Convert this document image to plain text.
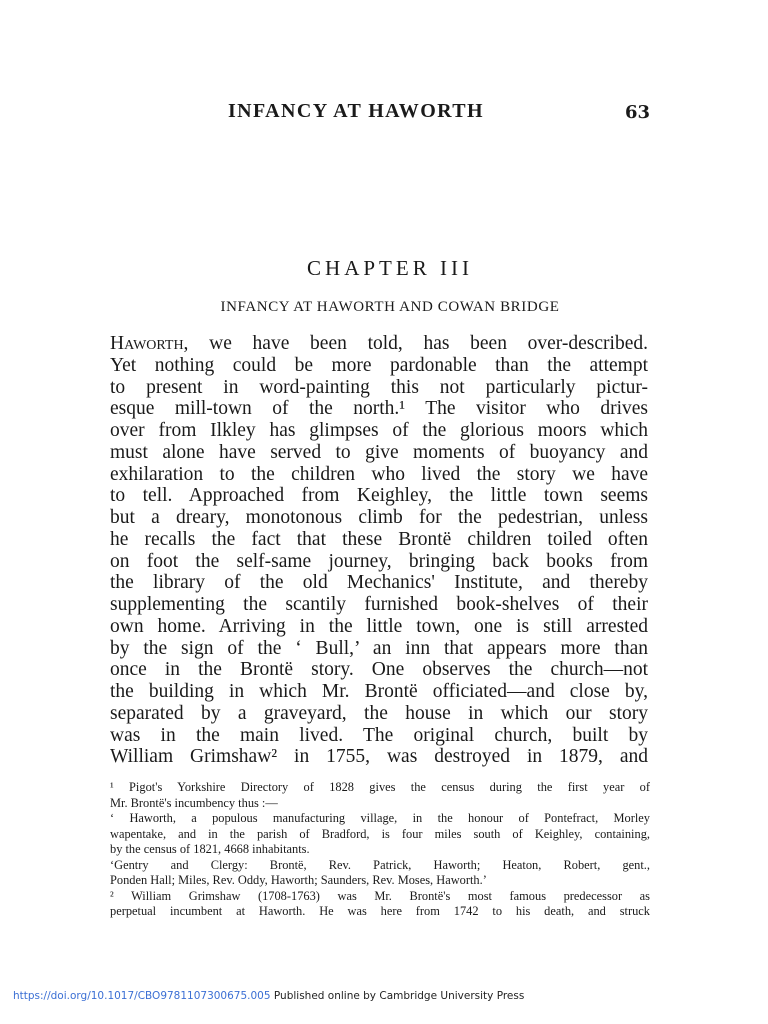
INFANCY AT HAWORTH	63
CHAPTER III
INFANCY AT HAWORTH AND COWAN BRIDGE
Haworth, we have been told, has been over-described.
Yet nothing could be more pardonable than the attempt
to present in word-painting this not particularly pictur-
esque mill-town of the north.¹ The visitor who drives
over from Ilkley has glimpses of the glorious moors which
must alone have served to give moments of buoyancy and
exhilaration to the children who lived the story we have
to tell. Approached from Keighley, the little town seems
but a dreary, monotonous climb for the pedestrian, unless
he recalls the fact that these Brontë children toiled often
on foot the self-same journey, bringing back books from
the library of the old Mechanics' Institute, and thereby
supplementing the scantily furnished book-shelves of their
own home. Arriving in the little town, one is still arrested
by the sign of the ‘ Bull,’ an inn that appears more than
once in the Brontë story. One observes the church—not
the building in which Mr. Brontë officiated—and close by,
separated by a graveyard, the house in which our story
was in the main lived. The original church, built by
William Grimshaw² in 1755, was destroyed in 1879, and
¹ Pigot's Yorkshire Directory of 1828 gives the census during the first year of
Mr. Brontë's incumbency thus :—
‘ Haworth, a populous manufacturing village, in the honour of Pontefract, Morley
wapentake, and in the parish of Bradford, is four miles south of Keighley, containing,
by the census of 1821, 4668 inhabitants.
‘Gentry and Clergy: Brontë, Rev. Patrick, Haworth; Heaton, Robert, gent.,
Ponden Hall; Miles, Rev. Oddy, Haworth; Saunders, Rev. Moses, Haworth.’
² William Grimshaw (1708-1763) was Mr. Brontë's most famous predecessor as
perpetual incumbent at Haworth. He was here from 1742 to his death, and struck
https://doi.org/10.1017/CBO9781107300675.005 Published online by Cambridge University Press
